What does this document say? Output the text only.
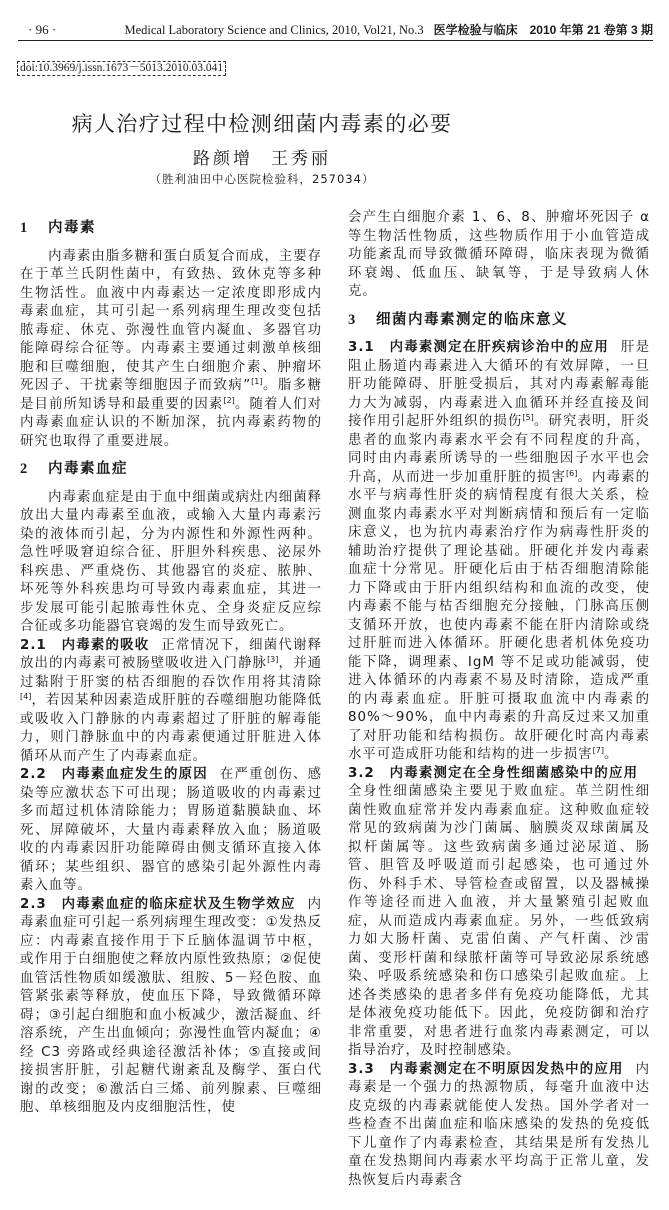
· 96 ·	Medical Laboratory Science and Clinics, 2010, Vol21, No.3 医学检验与临床　2010 年第 21 卷第 3 期
doi:10.3969/j.issn.1673－5013.2010.03.041
病人治疗过程中检测细菌内毒素的必要
路颜增 王秀丽
（胜利油田中心医院检验科，257034）
1 内毒素
内毒素由脂多糖和蛋白质复合而成，主要存在于革兰氏阴性菌中，有致热、致休克等多种生物活性。血液中内毒素达一定浓度即形成内毒素血症，其可引起一系列病理生理改变包括脓毒症、休克、弥漫性血管内凝血、多器官功能障碍综合征等。内毒素主要通过刺激单核细胞和巨噬细胞，使其产生白细胞介素、肿瘤坏死因子、干扰素等细胞因子而致病”[1]。脂多糖是目前所知诱导和最重要的因素[2]。随着人们对内毒素血症认识的不断加深，抗内毒素药物的研究也取得了重要进展。
2 内毒素血症
内毒素血症是由于血中细菌或病灶内细菌释放出大量内毒素至血液，或输入大量内毒素污染的液体而引起，分为内源性和外源性两种。急性呼吸窘迫综合征、肝胆外科疾患、泌尿外科疾患、严重烧伤、其他器官的炎症、脓肿、坏死等外科疾患均可导致内毒素血症，其进一步发展可能引起脓毒性休克、全身炎症反应综合征或多功能器官衰竭的发生而导致死亡。
2.1　内毒素的吸收 正常情况下，细菌代谢释放出的内毒素可被肠壁吸收进入门静脉[3]，并通过黏附于肝窦的枯否细胞的吞饮作用将其清除[4]，若因某种因素造成肝脏的吞噬细胞功能降低或吸收入门静脉的内毒素超过了肝脏的解毒能力，则门静脉血中的内毒素便通过肝脏进入体循环从而产生了内毒素血症。
2.2　内毒素血症发生的原因 在严重创伤、感染等应激状态下可出现；肠道吸收的内毒素过多而超过机体清除能力；胃肠道黏膜缺血、坏死、屏障破坏，大量内毒素释放入血；肠道吸收的内毒素因肝功能障碍由侧支循环直接入体循环；某些组织、器官的感染引起外源性内毒素入血等。
2.3　内毒素血症的临床症状及生物学效应 内毒素血症可引起一系列病理生理改变：①发热反应：内毒素直接作用于下丘脑体温调节中枢，或作用于白细胞使之释放内原性致热原；②促使血管活性物质如缓激肽、组胺、5－羟色胺、血管紧张素等释放，使血压下降，导致微循环障碍；③引起白细胞和血小板减少，激活凝血、纤溶系统，产生出血倾向；弥漫性血管内凝血；④经 C3 旁路或经典途径激活补体；⑤直接或间接损害肝脏，引起糖代谢紊乱及酶学、蛋白代谢的改变；⑥激活白三烯、前列腺素、巨噬细胞、单核细胞及内皮细胞活性，使
会产生白细胞介素 1、6、8、肿瘤坏死因子 α 等生物活性物质，这些物质作用于小血管造成功能紊乱而导致微循环障碍，临床表现为微循环衰竭、低血压、缺氧等，于是导致病人休克。
3 细菌内毒素测定的临床意义
3.1　内毒素测定在肝疾病诊治中的应用 肝是阻止肠道内毒素进入大循环的有效屏障，一旦肝功能障碍、肝脏受损后，其对内毒素解毒能力大为减弱，内毒素进入血循环并经直接及间接作用引起肝外组织的损伤[5]。研究表明，肝炎患者的血浆内毒素水平会有不同程度的升高，同时由内毒素所诱导的一些细胞因子水平也会升高，从而进一步加重肝脏的损害[6]。内毒素的水平与病毒性肝炎的病情程度有很大关系，检测血浆内毒素水平对判断病情和预后有一定临床意义，也为抗内毒素治疗作为病毒性肝炎的辅助治疗提供了理论基础。肝硬化并发内毒素血症十分常见。肝硬化后由于枯否细胞清除能力下降或由于肝内组织结构和血流的改变，使内毒素不能与枯否细胞充分接触，门脉高压侧支循环开放，也使内毒素不能在肝内清除或绕过肝脏而进入体循环。肝硬化患者机体免疫功能下降，调理素、IgM 等不足或功能减弱，使进入体循环的内毒素不易及时清除，造成严重的内毒素血症。肝脏可摄取血流中内毒素的 80%～90%，血中内毒素的升高反过来又加重了对肝功能和结构损伤。故肝硬化时高内毒素水平可造成肝功能和结构的进一步损害[7]。
3.2　内毒素测定在全身性细菌感染中的应用全身性细菌感染主要见于败血症。革兰阴性细菌性败血症常并发内毒素血症。这种败血症较常见的致病菌为沙门菌属、脑膜炎双球菌属及拟杆菌属等。这些致病菌多通过泌尿道、肠管、胆管及呼吸道而引起感染，也可通过外伤、外科手术、导管检查或留置，以及器械操作等途径而进入血液，并大量繁殖引起败血症，从而造成内毒素血症。另外，一些低致病力如大肠杆菌、克雷伯菌、产气杆菌、沙雷菌、变形杆菌和绿脓杆菌等可导致泌尿系统感染、呼吸系统感染和伤口感染引起败血症。上述各类感染的患者多伴有免疫功能降低，尤其是体液免疫功能低下。因此，免疫防御和治疗非常重要，对患者进行血浆内毒素测定，可以指导治疗，及时控制感染。
3.3　内毒素测定在不明原因发热中的应用 内毒素是一个强力的热源物质，每毫升血液中达皮克级的内毒素就能使人发热。国外学者对一些检查不出菌血症和临床感染的发热的免疫低下儿童作了内毒素检查，其结果是所有发热儿童在发热期间内毒素水平均高于正常儿童，发热恢复后内毒素含
